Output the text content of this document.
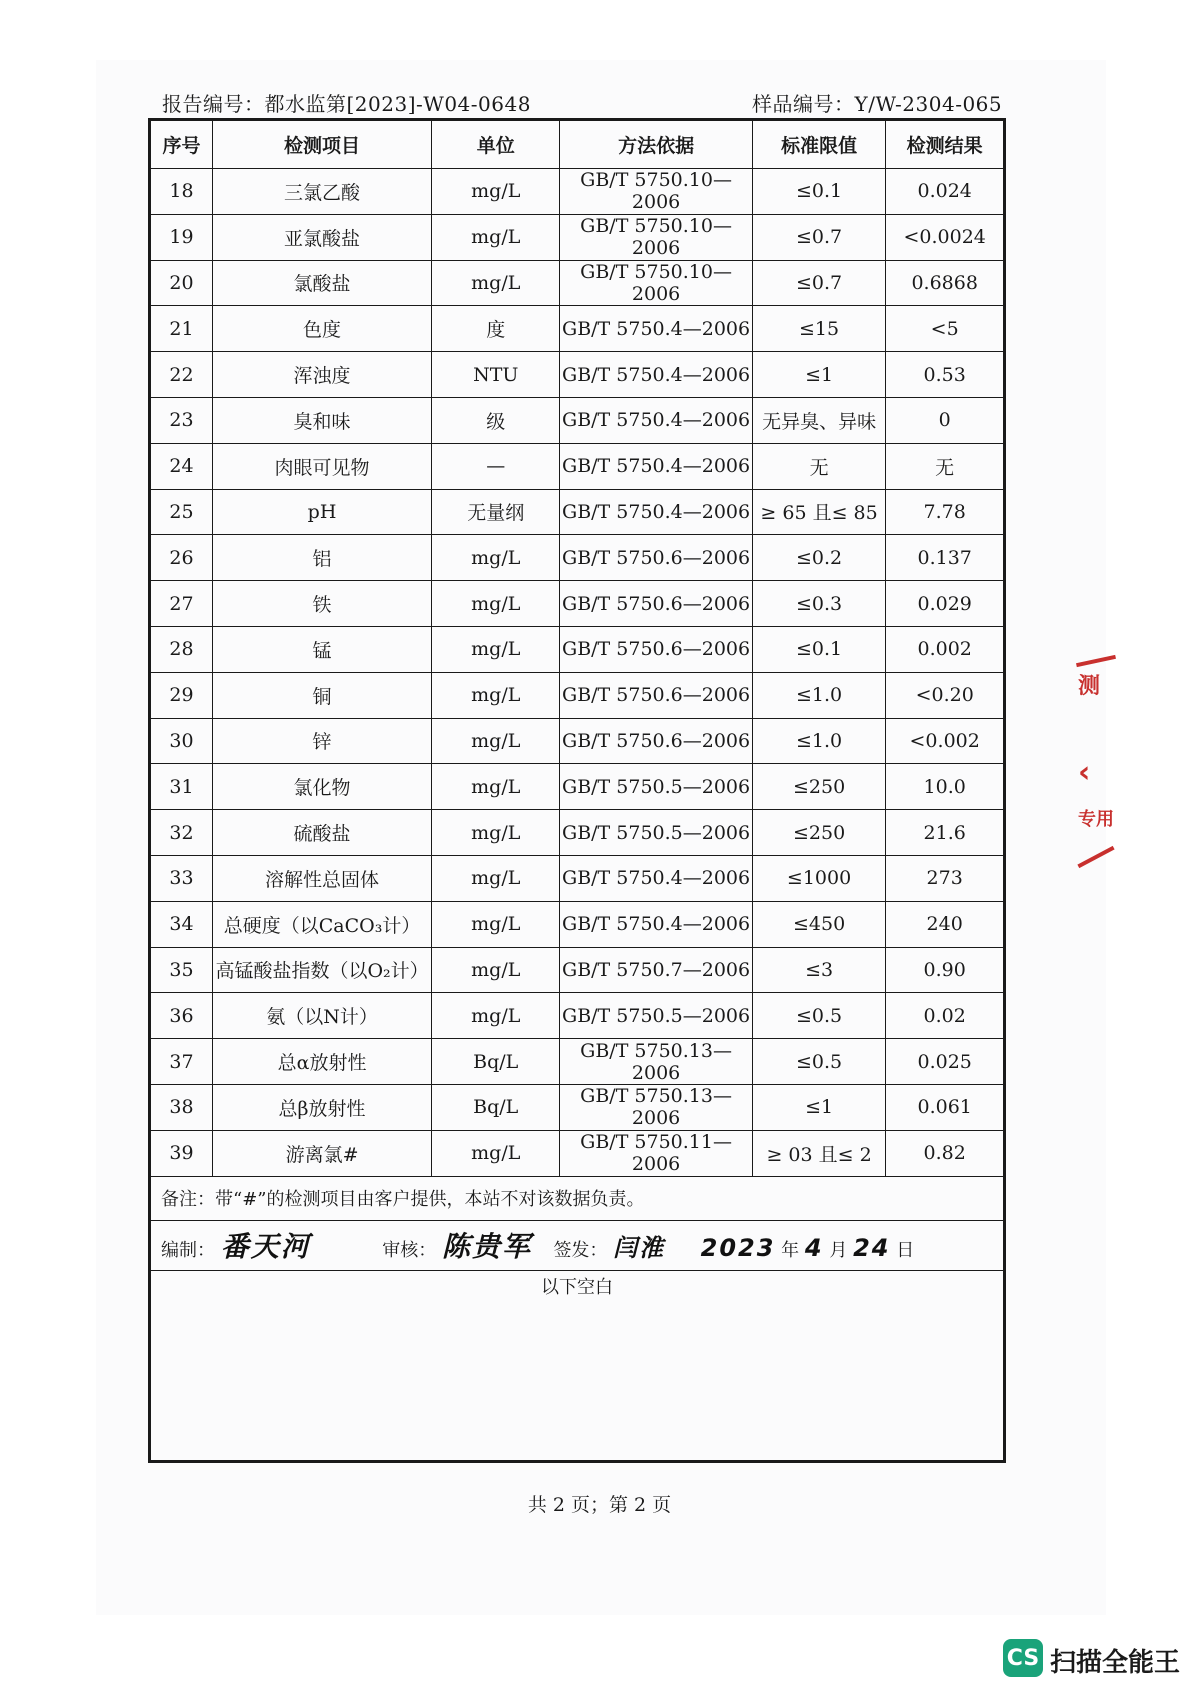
报告编号：都水监第[2023]-W04-0648	样品编号：Y/W-2304-065
序号	检测项目	单位	方法依据	标准限值	检测结果
18	三氯乙酸	mg/L	GB/T 5750.10—2006	≤0.1	0.024
19	亚氯酸盐	mg/L	GB/T 5750.10—2006	≤0.7	<0.0024
20	氯酸盐	mg/L	GB/T 5750.10—2006	≤0.7	0.6868
21	色度	度	GB/T 5750.4—2006	≤15	<5
22	浑浊度	NTU	GB/T 5750.4—2006	≤1	0.53
23	臭和味	级	GB/T 5750.4—2006	无异臭、异味	0
24	肉眼可见物	—	GB/T 5750.4—2006	无	无
25	pH	无量纲	GB/T 5750.4—2006	≥ 65 且≤ 85	7.78
26	铝	mg/L	GB/T 5750.6—2006	≤0.2	0.137
27	铁	mg/L	GB/T 5750.6—2006	≤0.3	0.029
28	锰	mg/L	GB/T 5750.6—2006	≤0.1	0.002
29	铜	mg/L	GB/T 5750.6—2006	≤1.0	<0.20
30	锌	mg/L	GB/T 5750.6—2006	≤1.0	<0.002
31	氯化物	mg/L	GB/T 5750.5—2006	≤250	10.0
32	硫酸盐	mg/L	GB/T 5750.5—2006	≤250	21.6
33	溶解性总固体	mg/L	GB/T 5750.4—2006	≤1000	273
34	总硬度（以CaCO₃计）	mg/L	GB/T 5750.4—2006	≤450	240
35	高锰酸盐指数（以O₂计）	mg/L	GB/T 5750.7—2006	≤3	0.90
36	氨（以N计）	mg/L	GB/T 5750.5—2006	≤0.5	0.02
37	总α放射性	Bq/L	GB/T 5750.13—2006	≤0.5	0.025
38	总β放射性	Bq/L	GB/T 5750.13—2006	≤1	0.061
39	游离氯#	mg/L	GB/T 5750.11—2006	≥ 03 且≤ 2	0.82
备注：带“#”的检测项目由客户提供，本站不对该数据负责。					
编制： 番天河 审核： 陈贵军 签发： 闫淮 2023 年 4 月 24 日					
以下空白					
共 2 页；第 2 页
测
‹
专用
CS 扫描全能王
